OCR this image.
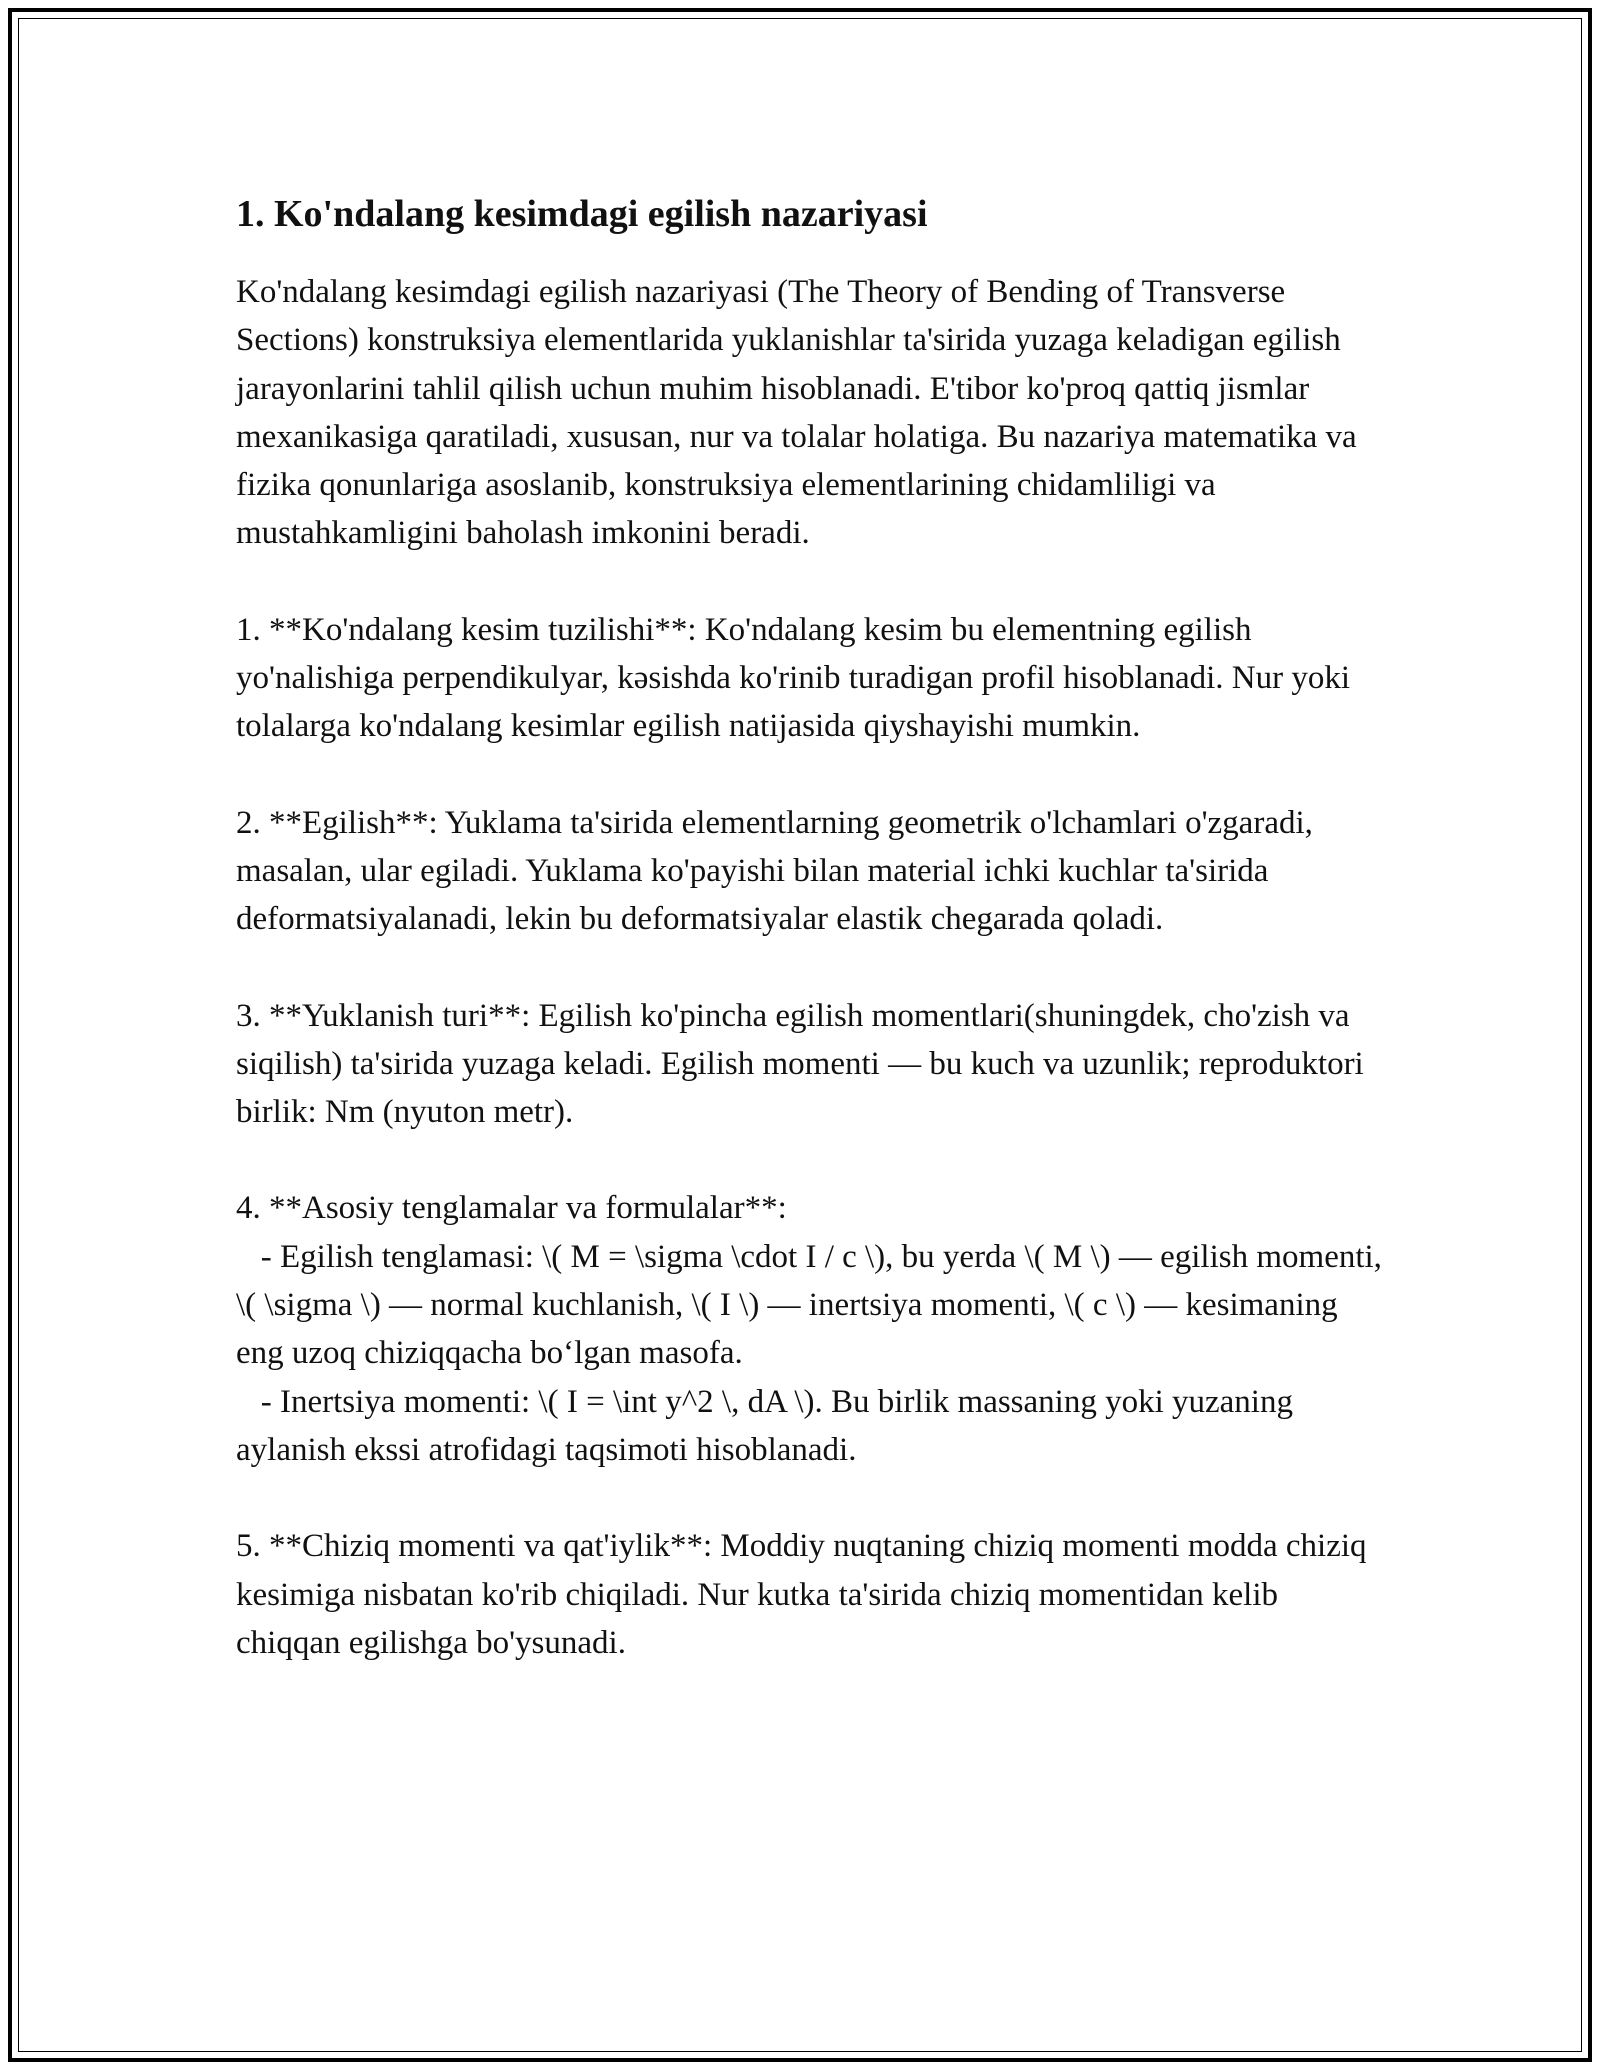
1. Ko'ndalang kesimdagi egilish nazariyasi

Ko'ndalang kesimdagi egilish nazariyasi (The Theory of Bending of Transverse Sections) konstruksiya elementlarida yuklanishlar ta'sirida yuzaga keladigan egilish jarayonlarini tahlil qilish uchun muhim hisoblanadi. E'tibor ko'proq qattiq jismlar mexanikasiga qaratiladi, xususan, nur va tolalar holatiga. Bu nazariya matematika va fizika qonunlariga asoslanib, konstruksiya elementlarining chidamliligi va mustahkamligini baholash imkonini beradi.

1. **Ko'ndalang kesim tuzilishi**: Ko'ndalang kesim bu elementning egilish yo'nalishiga perpendikulyar, kəsishda ko'rinib turadigan profil hisoblanadi. Nur yoki tolalarga ko'ndalang kesimlar egilish natijasida qiyshayishi mumkin.

2. **Egilish**: Yuklama ta'sirida elementlarning geometrik o'lchamlari o'zgaradi, masalan, ular egiladi. Yuklama ko'payishi bilan material ichki kuchlar ta'sirida deformatsiyalanadi, lekin bu deformatsiyalar elastik chegarada qoladi.

3. **Yuklanish turi**: Egilish ko'pincha egilish momentlari(shuningdek, cho'zish va siqilish) ta'sirida yuzaga keladi. Egilish momenti — bu kuch va uzunlik; reproduktori birlik: Nm (nyuton metr).

4. **Asosiy tenglamalar va formulalar**:
- Egilish tenglamasi: \( M = \sigma \cdot I / c \), bu yerda \( M \) — egilish momenti, \( \sigma \) — normal kuchlanish, \( I \) — inertsiya momenti, \( c \) — kesimaning eng uzoq chiziqqacha bo‘lgan masofa.
- Inertsiya momenti: \( I = \int y^2 \, dA \). Bu birlik massaning yoki yuzaning aylanish ekssi atrofidagi taqsimoti hisoblanadi.

5. **Chiziq momenti va qat'iylik**: Moddiy nuqtaning chiziq momenti modda chiziq kesimiga nisbatan ko'rib chiqiladi. Nur kutka ta'sirida chiziq momentidan kelib chiqqan egilishga bo'ysunadi.
